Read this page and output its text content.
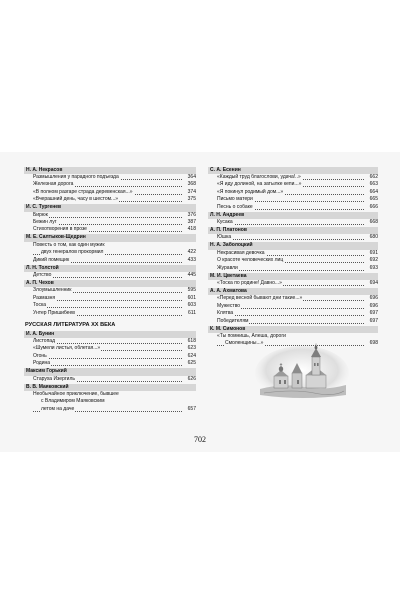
Н. А. Некрасов
Размышления у парадного подъезда	364
Железная дорога	368
«В полном разгаре страда деревенская...»	374
«Вчерашний день, часу в шестом...»	375
И. С. Тургенев
Бирюк	376
Бежин луг	387
Стихотворения в прозе	418
М. Е. Салтыков-Щедрин
Повесть о том, как один мужик
двух генералов прокормил	422
Дикий помещик	433
Л. Н. Толстой
Детство	445
А. П. Чехов
Злоумышленник	595
Размазня	601
Тоска	603
Унтер Пришибеев	611
РУССКАЯ ЛИТЕРАТУРА XX ВЕКА
И. А. Бунин
Листопад	618
«Шумели листья, облетая...»	623
Огонь	624
Родина	625
Максим Горький
Старуха Изергиль	626
В. В. Маяковский
Необычайное приключение, бывшее
с Владимиром Маяковским
летом на даче	657
С. А. Есенин
«Каждый труд благослови, удача!..»	662
«Я иду долиной, на затылке кепи...»	663
«Я покинул родимый дом...»	664
Письмо матери	665
Песнь о собаке	666
Л. Н. Андреев
Кусака	668
А. П. Платонов
Юшка	680
Н. А. Заболоцкий
Некрасивая девочка	691
О красоте человеческих лиц	692
Журавли	693
М. И. Цветаева
«Тоска по родине! Давно...»	694
А. А. Ахматова
«Перед весной бывают дни такие...»	696
Мужество	696
Клятва	697
Победителям	697
К. М. Симонов
«Ты помнишь, Алеша, дороги
Смоленщины...»	698
702
